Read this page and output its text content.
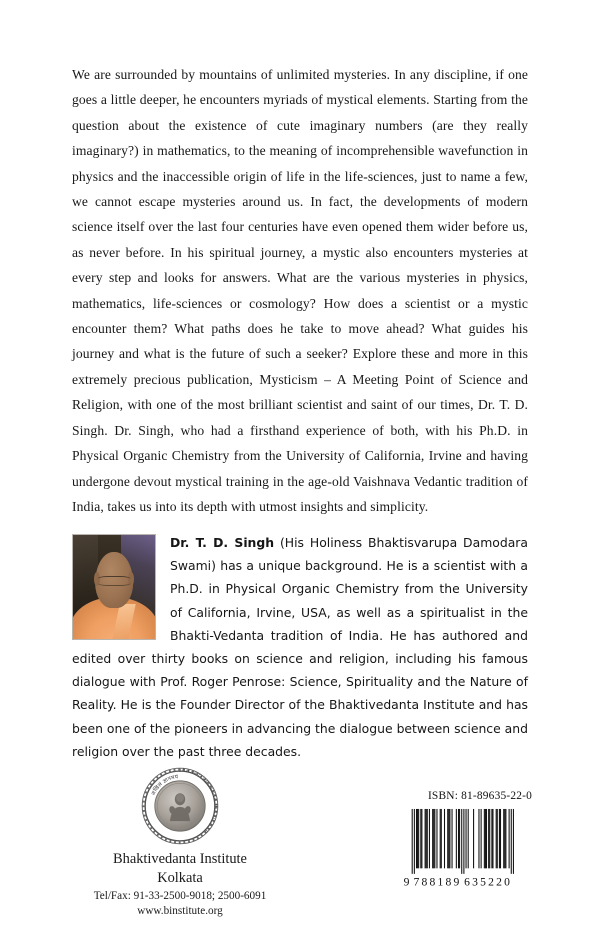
We are surrounded by mountains of unlimited mysteries. In any discipline, if one goes a little deeper, he encounters myriads of mystical elements. Starting from the question about the existence of cute imaginary numbers (are they really imaginary?) in mathematics, to the meaning of incomprehensible wavefunction in physics and the inaccessible origin of life in the life-sciences, just to name a few, we cannot escape mysteries around us. In fact, the developments of modern science itself over the last four centuries have even opened them wider before us, as never before. In his spiritual journey, a mystic also encounters mysteries at every step and looks for answers. What are the various mysteries in physics, mathematics, life-sciences or cosmology? How does a scientist or a mystic encounter them? What paths does he take to move ahead? What guides his journey and what is the future of such a seeker? Explore these and more in this extremely precious publication, Mysticism – A Meeting Point of Science and Religion, with one of the most brilliant scientist and saint of our times, Dr. T. D. Singh. Dr. Singh, who had a firsthand experience of both, with his Ph.D. in Physical Organic Chemistry from the University of California, Irvine and having undergone devout mystical training in the age-old Vaishnava Vedantic tradition of India, takes us into its depth with utmost insights and simplicity.
Dr. T. D. Singh (His Holiness Bhaktisvarupa Damodara Swami) has a unique background. He is a scientist with a Ph.D. in Physical Organic Chemistry from the University of California, Irvine, USA, as well as a spiritualist in the Bhakti-Vedanta tradition of India. He has authored and edited over thirty books on science and religion, including his famous dialogue with Prof. Roger Penrose: Science, Spirituality and the Nature of Reality. He is the Founder Director of the Bhaktivedanta Institute and has been one of the pioneers in advancing the dialogue between science and religion over the past three decades.
BHAKTIVEDANTA INSTITUTE
अखिलं ज्ञानमयं
Bhaktivedanta Institute
Kolkata
Tel/Fax: 91-33-2500-9018; 2500-6091
www.binstitute.org
ISBN: 81-89635-22-0
9 788189 635220
